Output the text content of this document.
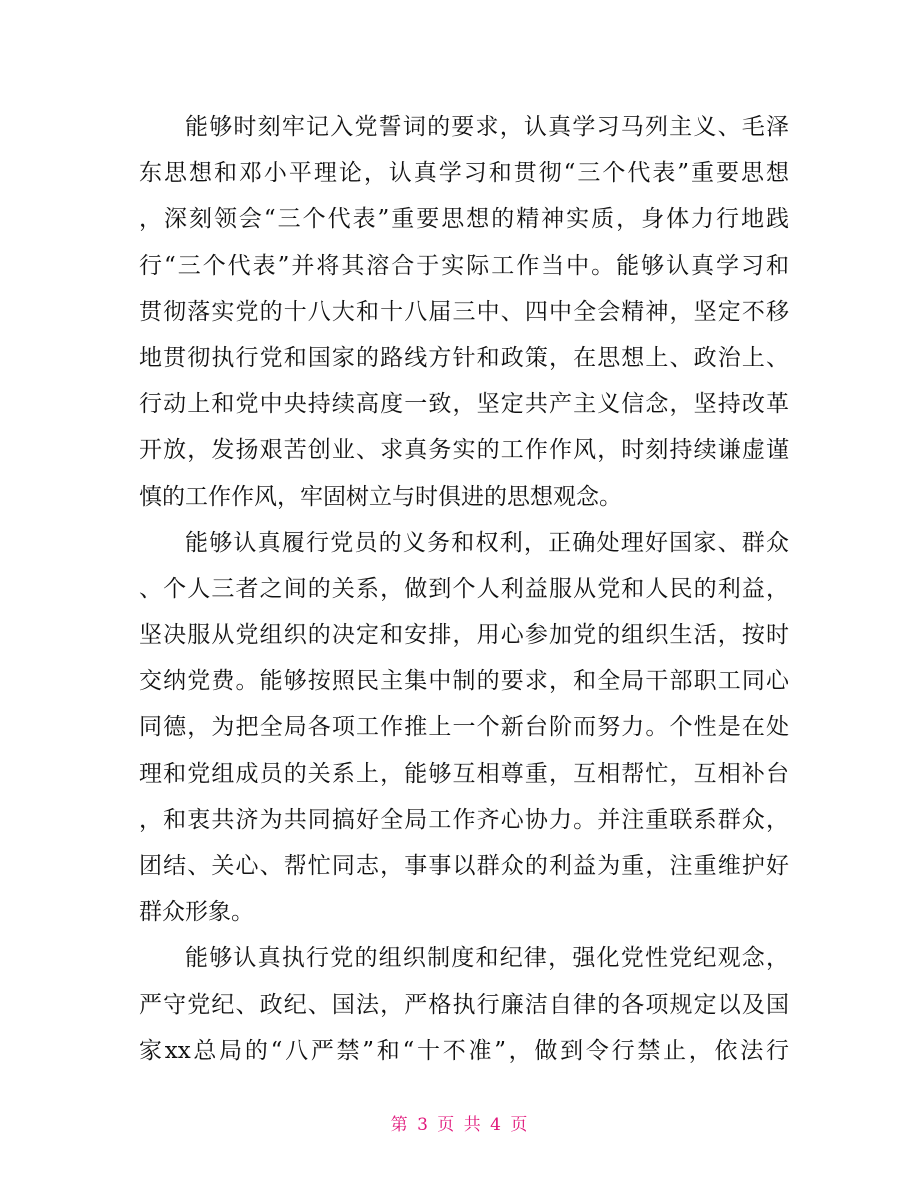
能够时刻牢记入党誓词的要求，认真学习马列主义、毛泽
东思想和邓小平理论，认真学习和贯彻“三个代表”重要思想
，深刻领会“三个代表”重要思想的精神实质，身体力行地践
行“三个代表”并将其溶合于实际工作当中。能够认真学习和
贯彻落实党的十八大和十八届三中、四中全会精神，坚定不移
地贯彻执行党和国家的路线方针和政策，在思想上、政治上、
行动上和党中央持续高度一致，坚定共产主义信念，坚持改革
开放，发扬艰苦创业、求真务实的工作作风，时刻持续谦虚谨
慎的工作作风，牢固树立与时俱进的思想观念。
能够认真履行党员的义务和权利，正确处理好国家、群众
、个人三者之间的关系，做到个人利益服从党和人民的利益，
坚决服从党组织的决定和安排，用心参加党的组织生活，按时
交纳党费。能够按照民主集中制的要求，和全局干部职工同心
同德，为把全局各项工作推上一个新台阶而努力。个性是在处
理和党组成员的关系上，能够互相尊重，互相帮忙，互相补台
，和衷共济为共同搞好全局工作齐心协力。并注重联系群众，
团结、关心、帮忙同志，事事以群众的利益为重，注重维护好
群众形象。
能够认真执行党的组织制度和纪律，强化党性党纪观念，
严守党纪、政纪、国法，严格执行廉洁自律的各项规定以及国
家xx总局的“八严禁”和“十不准”，做到令行禁止，依法行
第 3 页 共 4 页
